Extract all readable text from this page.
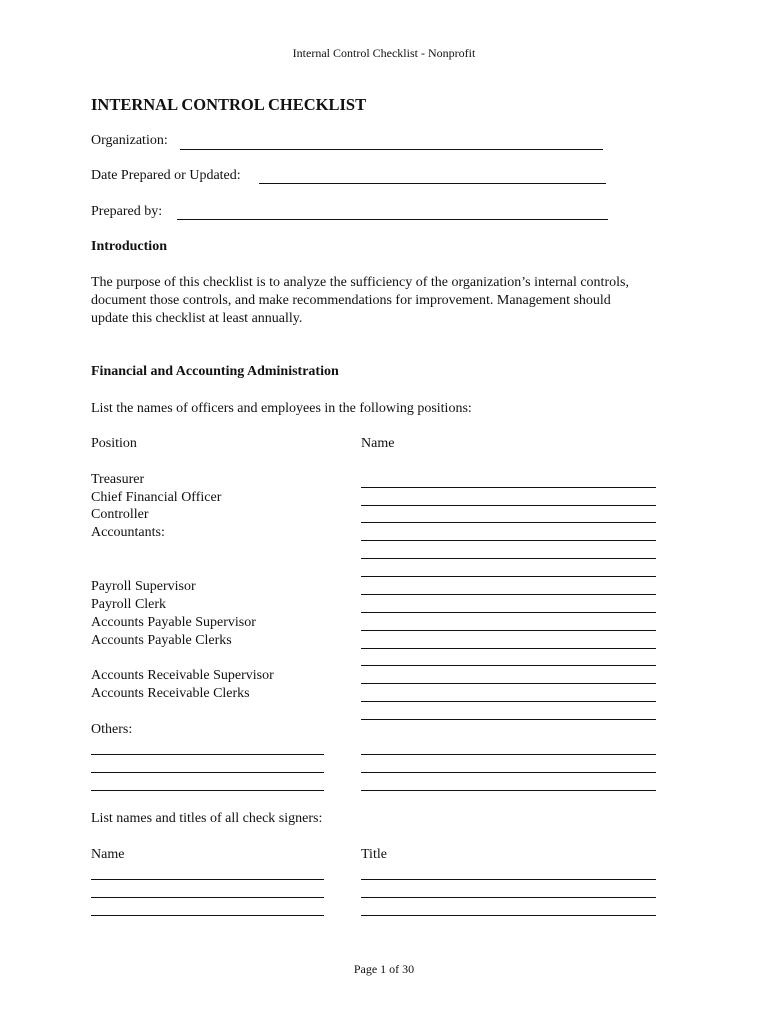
Internal Control Checklist - Nonprofit
INTERNAL CONTROL CHECKLIST
Organization:
Date Prepared or Updated:
Prepared by:
Introduction
The purpose of this checklist is to analyze the sufficiency of the organization’s internal controls,
document those controls, and make recommendations for improvement. Management should
update this checklist at least annually.
Financial and Accounting Administration
List the names of officers and employees in the following positions:
Position	Name
Treasurer
Chief Financial Officer
Controller
Accountants:
Payroll Supervisor
Payroll Clerk
Accounts Payable Supervisor
Accounts Payable Clerks
Accounts Receivable Supervisor
Accounts Receivable Clerks
Others:
List names and titles of all check signers:
Name	Title
Page 1 of 30
